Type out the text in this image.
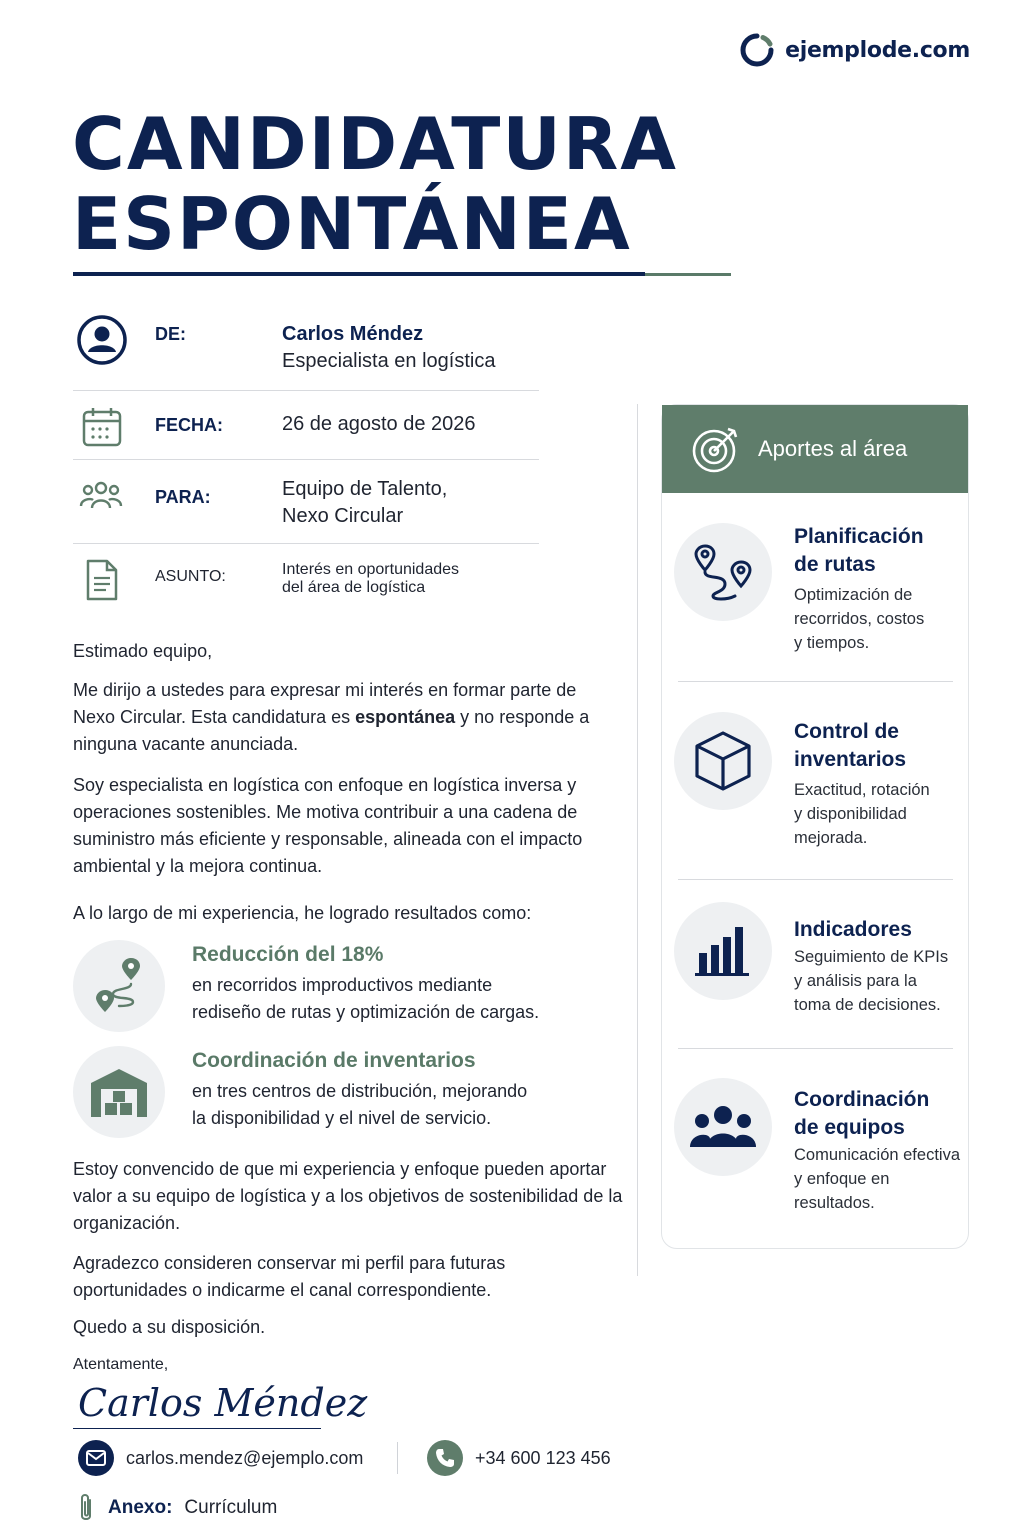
ejemplode.com
CANDIDATURA
ESPONTÁNEA
DE:	Carlos Méndez
Especialista en logística
FECHA:	26 de agosto de 2026
PARA:	Equipo de Talento,
Nexo Circular
ASUNTO:	Interés en oportunidades
del área de logística
Estimado equipo,
Me dirijo a ustedes para expresar mi interés en formar parte de Nexo Circular. Esta candidatura es espontánea y no responde a ninguna vacante anunciada.
Soy especialista en logística con enfoque en logística inversa y operaciones sostenibles. Me motiva contribuir a una cadena de suministro más eficiente y responsable, alineada con el impacto ambiental y la mejora continua.
A lo largo de mi experiencia, he logrado resultados como:
Reducción del 18%
en recorridos improductivos mediante
rediseño de rutas y optimización de cargas.
Coordinación de inventarios
en tres centros de distribución, mejorando
la disponibilidad y el nivel de servicio.
Estoy convencido de que mi experiencia y enfoque pueden aportar valor a su equipo de logística y a los objetivos de sostenibilidad de la organización.
Agradezco consideren conservar mi perfil para futuras oportunidades o indicarme el canal correspondiente.
Quedo a su disposición.
Atentamente,
Carlos Méndez
carlos.mendez@ejemplo.com	+34 600 123 456
Anexo: Currículum
Aportes al área
Planificación
de rutas
Optimización de
recorridos, costos
y tiempos.
Control de
inventarios
Exactitud, rotación
y disponibilidad
mejorada.
Indicadores
Seguimiento de KPIs
y análisis para la
toma de decisiones.
Coordinación
de equipos
Comunicación efectiva
y enfoque en
resultados.
